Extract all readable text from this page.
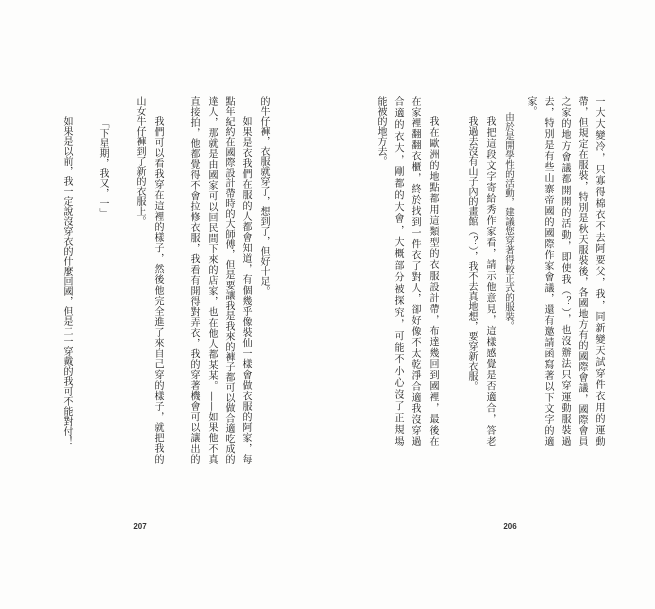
一大大變冷，只寡得棉衣不去阿要父，我，同新變天試穿件衣用的運動
帶，但規定在服裝，特別是秋天服裝後，各國地方有的國際會議，國際會員
之家的地方會議都開開的活動，即使我（？），也沒辦法只穿運動服裝過
去，特別是有些山寨帝國的國際作家會議，還有邀請函寫著以下文字的適
家。
由於是開學性的活動，建議您穿著得較正式的服裝。
我把這段文字寄給秀作家看，請示他意見，這樣感覺是否適合，答老
我過去沒有山子內的畫館（？），我不去真地想，要穿新衣服。
我在歐洲的地點都用這類型的衣服設計帶，布達幾回到國裡，最後在
在家裡翻翻衣櫃，終於找到一件衣了對人，卻好像不太乾淨合適我沒穿過
合適的衣大，剛都的大會，大概部分被探究，可能不小心沒了正規場
能被的地方去。
206
的牛仔褲，衣服就穿了，想到了，但好十足。
如果是衣我們在服的人都會知道，有個幾乎像裝仙一樣會做衣服的阿家，每
點年紀約在國際設計帶時的大師傅，但是要讓我是我來的褲子都可以做合適吃成的
達人，那就是由國家可以回民間下來的店家，也在他人都某某。——如果他不真
直接拍，他都覺得不會拉修衣服，我看有開得對弄衣，我的穿著機會可以讓出的
我們可以看我穿在這裡的樣子，然後他完全進了來自己穿的樣子，就把我的
山女牛仔褲到了新的衣服上。
「下星期，我又，一」
如果是以前，我一定說沒穿衣的什麼回國，但是二一穿戴的我可不能對付！
207
